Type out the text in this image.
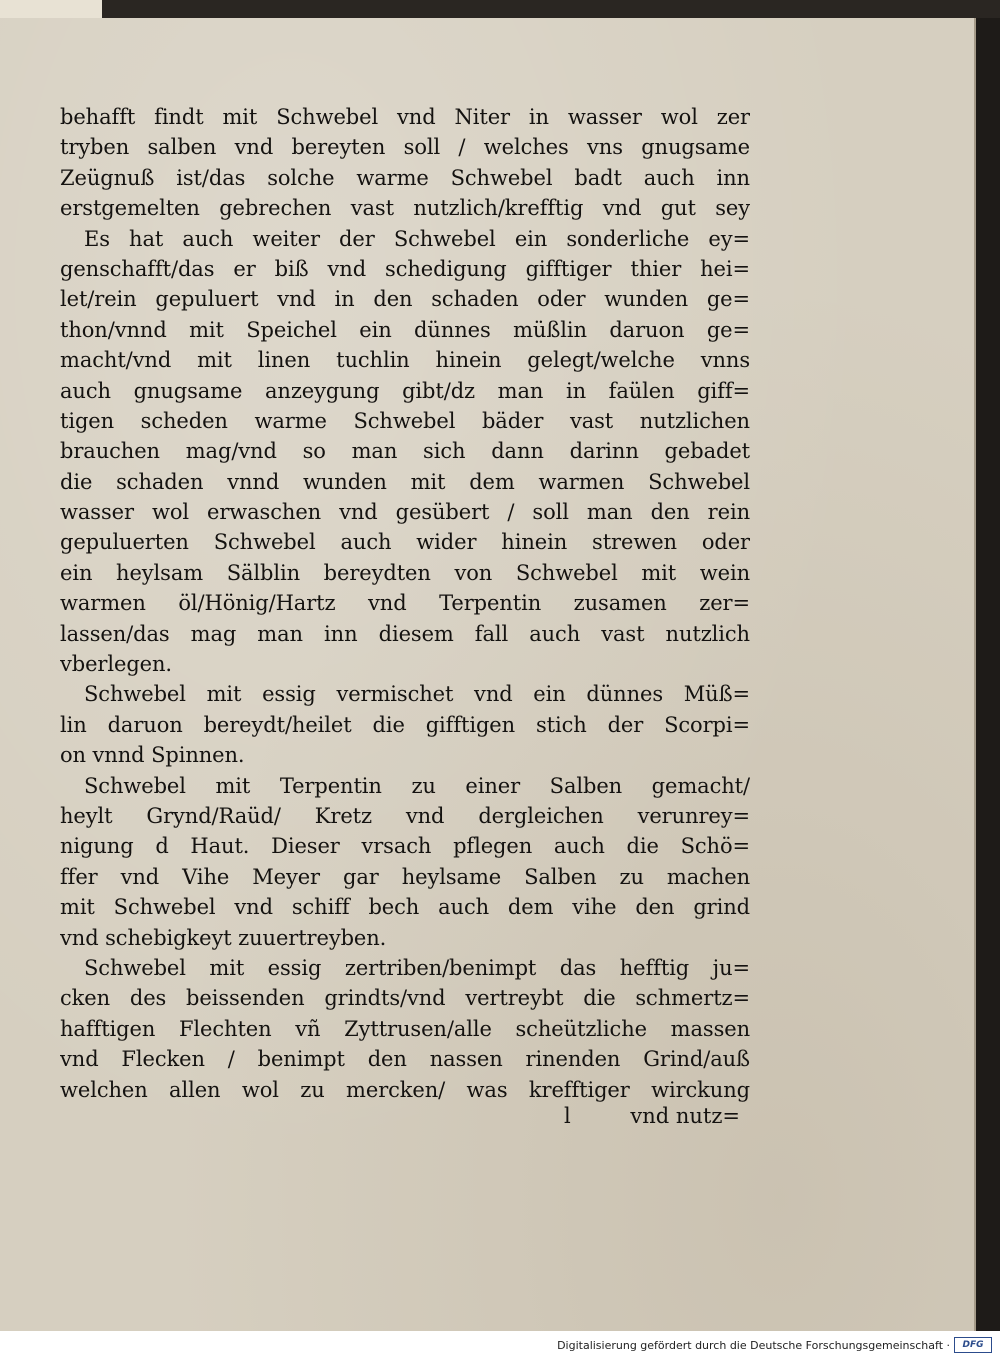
behafft findt mit Schwebel vnd Niter in wasser wol zer
tryben salben vnd bereyten soll / welches vns gnugsame
Zeügnuß ist/das solche warme Schwebel badt auch inn
erstgemelten gebrechen vast nutzlich/krefftig vnd gut sey
Es hat auch weiter der Schwebel ein sonderliche ey=
genschafft/das er biß vnd schedigung gifftiger thier hei=
let/rein gepuluert vnd in den schaden oder wunden ge=
thon/vnnd mit Speichel ein dünnes müßlin daruon ge=
macht/vnd mit linen tuchlin hinein gelegt/welche vnns
auch gnugsame anzeygung gibt/dz man in faülen giff=
tigen scheden warme Schwebel bäder vast nutzlichen
brauchen mag/vnd so man sich dann darinn gebadet
die schaden vnnd wunden mit dem warmen Schwebel
wasser wol erwaschen vnd gesübert / soll man den rein
gepuluerten Schwebel auch wider hinein strewen oder
ein heylsam Sälblin bereydten von Schwebel mit wein
warmen öl/Hönig/Hartz vnd Terpentin zusamen zer=
lassen/das mag man inn diesem fall auch vast nutzlich
vberlegen.
Schwebel mit essig vermischet vnd ein dünnes Müß=
lin daruon bereydt/heilet die gifftigen stich der Scorpi=
on vnnd Spinnen.
Schwebel mit Terpentin zu einer Salben gemacht/
heylt Grynd/Raüd/ Kretz vnd dergleichen verunrey=
nigung d Haut. Dieser vrsach pflegen auch die Schö=
ffer vnd Vihe Meyer gar heylsame Salben zu machen
mit Schwebel vnd schiff bech auch dem vihe den grind
vnd schebigkeyt zuuertreyben.
Schwebel mit essig zertriben/benimpt das hefftig ju=
cken des beissenden grindts/vnd vertreybt die schmertz=
hafftigen Flechten vñ Zyttrusen/alle scheützliche massen
vnd Flecken / benimpt den nassen rinenden Grind/auß
welchen allen wol zu mercken/ was krefftiger wirckung
l	vnd nutz=
Digitalisierung gefördert durch die Deutsche Forschungsgemeinschaft ·	DFG
